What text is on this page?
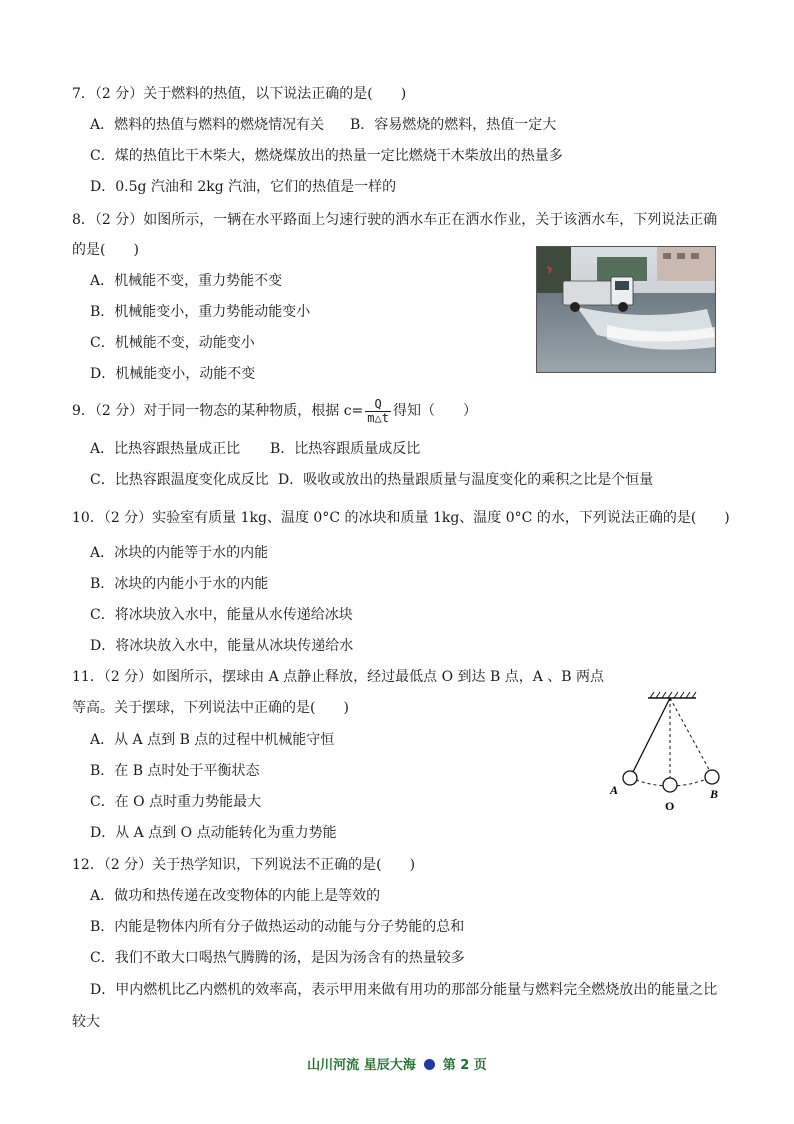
7．（2 分）关于燃料的热值，以下说法正确的是(　　)
A．燃料的热值与燃料的燃烧情况有关 B．容易燃烧的燃料，热值一定大
C．煤的热值比干木柴大，燃烧煤放出的热量一定比燃烧干木柴放出的热量多
D．0.5g 汽油和 2kg 汽油，它们的热值是一样的
8．（2 分）如图所示，一辆在水平路面上匀速行驶的洒水车正在洒水作业，关于该洒水车，下列说法正确
的是(　　)
A．机械能不变，重力势能不变
B．机械能变小，重力势能动能变小
C．机械能不变，动能变小
D．机械能变小，动能不变
9．（2 分）对于同一物态的某种物质，根据 $c= \frac{Q}{m\triangle t}$ 得知（　　）
A．比热容跟热量成正比 B．比热容跟质量成反比
C．比热容跟温度变化成反比 D．吸收或放出的热量跟质量与温度变化的乘积之比是个恒量
10．（2 分）实验室有质量 1kg、温度 0°C 的冰块和质量 1kg、温度 0°C 的水，下列说法正确的是(　　)
A．冰块的内能等于水的内能
B．冰块的内能小于水的内能
C．将冰块放入水中，能量从水传递给冰块
D．将冰块放入水中，能量从冰块传递给水
11．（2 分）如图所示，摆球由 A 点静止释放，经过最低点 O 到达 B 点，A 、B 两点
等高。关于摆球，下列说法中正确的是(　　)
A．从 A 点到 B 点的过程中机械能守恒
B．在 B 点时处于平衡状态
C．在 O 点时重力势能最大
D．从 A 点到 O 点动能转化为重力势能
A
O
B
12．（2 分）关于热学知识，下列说法不正确的是(　　)
A．做功和热传递在改变物体的内能上是等效的
B．内能是物体内所有分子做热运动的动能与分子势能的总和
C．我们不敢大口喝热气腾腾的汤，是因为汤含有的热量较多
D．甲内燃机比乙内燃机的效率高，表示甲用来做有用功的那部分能量与燃料完全燃烧放出的能量之比
较大
山川河流 星辰大海 第 2 页
